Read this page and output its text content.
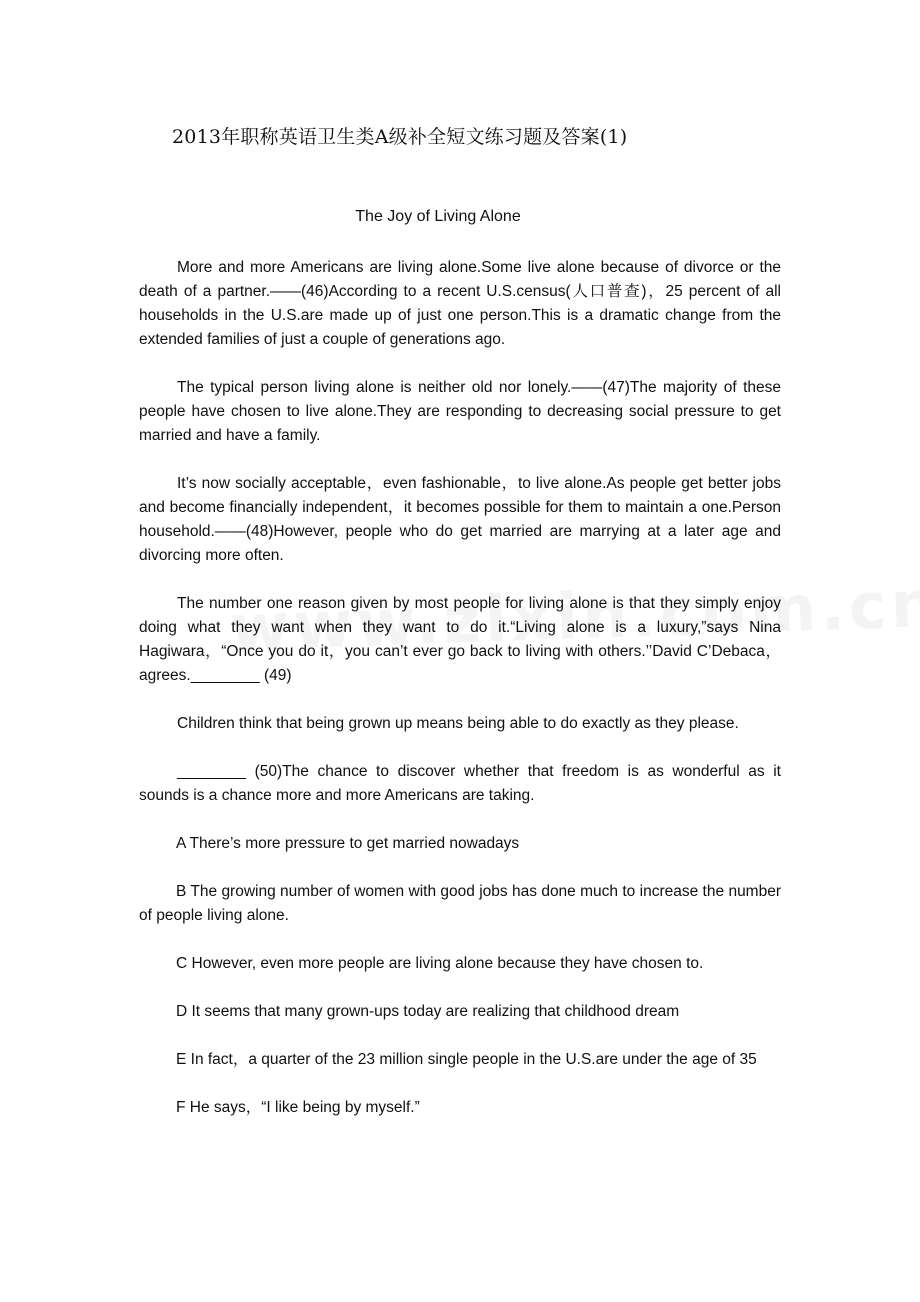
2013年职称英语卫生类A级补全短文练习题及答案(1)
The Joy of Living Alone

More and more Americans are living alone.Some live alone because of divorce or the death of a partner.——(46)According to a recent U.S.census(人口普查)，25 percent of all households in the U.S.are made up of just one person.This is a dramatic change from the extended families of just a couple of generations ago.

The typical person living alone is neither old nor lonely.——(47)The majority of these people have chosen to live alone.They are responding to decreasing social pressure to get married and have a family.

It’s now socially acceptable，even fashionable，to live alone.As people get better jobs and become financially independent，it becomes possible for them to maintain a one.Person household.——(48)However, people who do get married are marrying at a later age and divorcing more often.

The number one reason given by most people for living alone is that they simply enjoy doing what they want when they want to do it.“Living alone is a luxury,”says Nina Hagiwara，“Once you do it，you can’t ever go back to living with others.’’David C’Debaca，agrees.________ (49)

Children think that being grown up means being able to do exactly as they please.

________ (50)The chance to discover whether that freedom is as wonderful as it sounds is a chance more and more Americans are taking.

A There’s more pressure to get married nowadays

B The growing number of women with good jobs has done much to increase the number of people living alone.

C However, even more people are living alone because they have chosen to.

D It seems that many grown-ups today are realizing that childhood dream

E In fact，a quarter of the 23 million single people in the U.S.are under the age of 35

F He says，“I like being by myself.”
